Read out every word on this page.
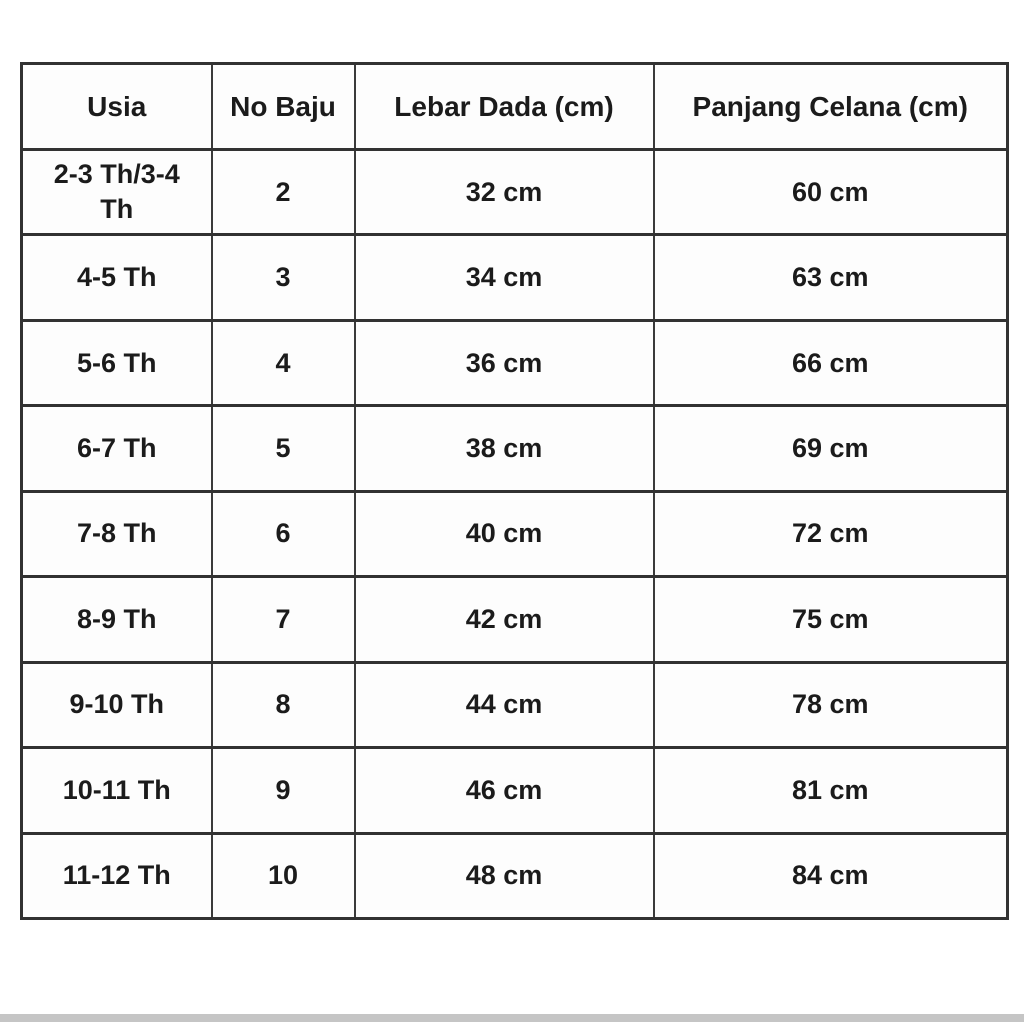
Usia	No Baju	Lebar Dada (cm)	Panjang Celana (cm)
2-3 Th/3-4 Th	2	32 cm	60 cm
4-5 Th	3	34 cm	63 cm
5-6 Th	4	36 cm	66 cm
6-7 Th	5	38 cm	69 cm
7-8 Th	6	40 cm	72 cm
8-9 Th	7	42 cm	75 cm
9-10 Th	8	44 cm	78 cm
10-11 Th	9	46 cm	81 cm
11-12 Th	10	48 cm	84 cm
